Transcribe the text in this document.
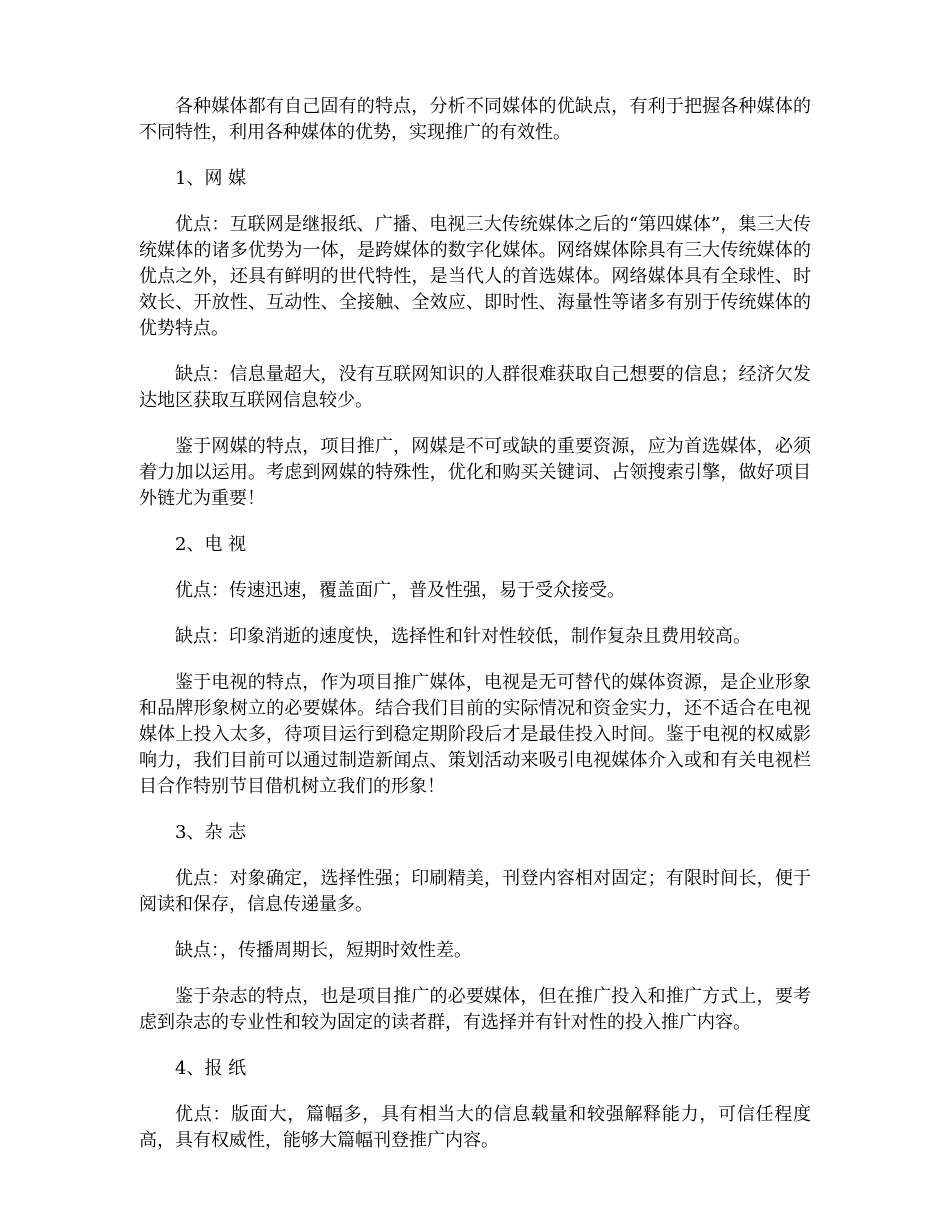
各种媒体都有自己固有的特点，分析不同媒体的优缺点，有利于把握各种媒体的不同特性，利用各种媒体的优势，实现推广的有效性。

1、网 媒

优点：互联网是继报纸、广播、电视三大传统媒体之后的“第四媒体”，集三大传统媒体的诸多优势为一体，是跨媒体的数字化媒体。网络媒体除具有三大传统媒体的优点之外，还具有鲜明的世代特性，是当代人的首选媒体。网络媒体具有全球性、时效长、开放性、互动性、全接触、全效应、即时性、海量性等诸多有别于传统媒体的优势特点。

缺点：信息量超大，没有互联网知识的人群很难获取自己想要的信息；经济欠发达地区获取互联网信息较少。

鉴于网媒的特点，项目推广，网媒是不可或缺的重要资源，应为首选媒体，必须着力加以运用。考虑到网媒的特殊性，优化和购买关键词、占领搜索引擎，做好项目外链尤为重要！

2、电 视

优点：传速迅速，覆盖面广，普及性强，易于受众接受。

缺点：印象消逝的速度快，选择性和针对性较低，制作复杂且费用较高。

鉴于电视的特点，作为项目推广媒体，电视是无可替代的媒体资源，是企业形象和品牌形象树立的必要媒体。结合我们目前的实际情况和资金实力，还不适合在电视媒体上投入太多，待项目运行到稳定期阶段后才是最佳投入时间。鉴于电视的权威影响力，我们目前可以通过制造新闻点、策划活动来吸引电视媒体介入或和有关电视栏目合作特别节目借机树立我们的形象！

3、杂 志

优点：对象确定，选择性强；印刷精美，刊登内容相对固定；有限时间长，便于阅读和保存，信息传递量多。

缺点：，传播周期长，短期时效性差。

鉴于杂志的特点，也是项目推广的必要媒体，但在推广投入和推广方式上，要考虑到杂志的专业性和较为固定的读者群，有选择并有针对性的投入推广内容。

4、报 纸

优点：版面大，篇幅多，具有相当大的信息载量和较强解释能力，可信任程度高，具有权威性，能够大篇幅刊登推广内容。
